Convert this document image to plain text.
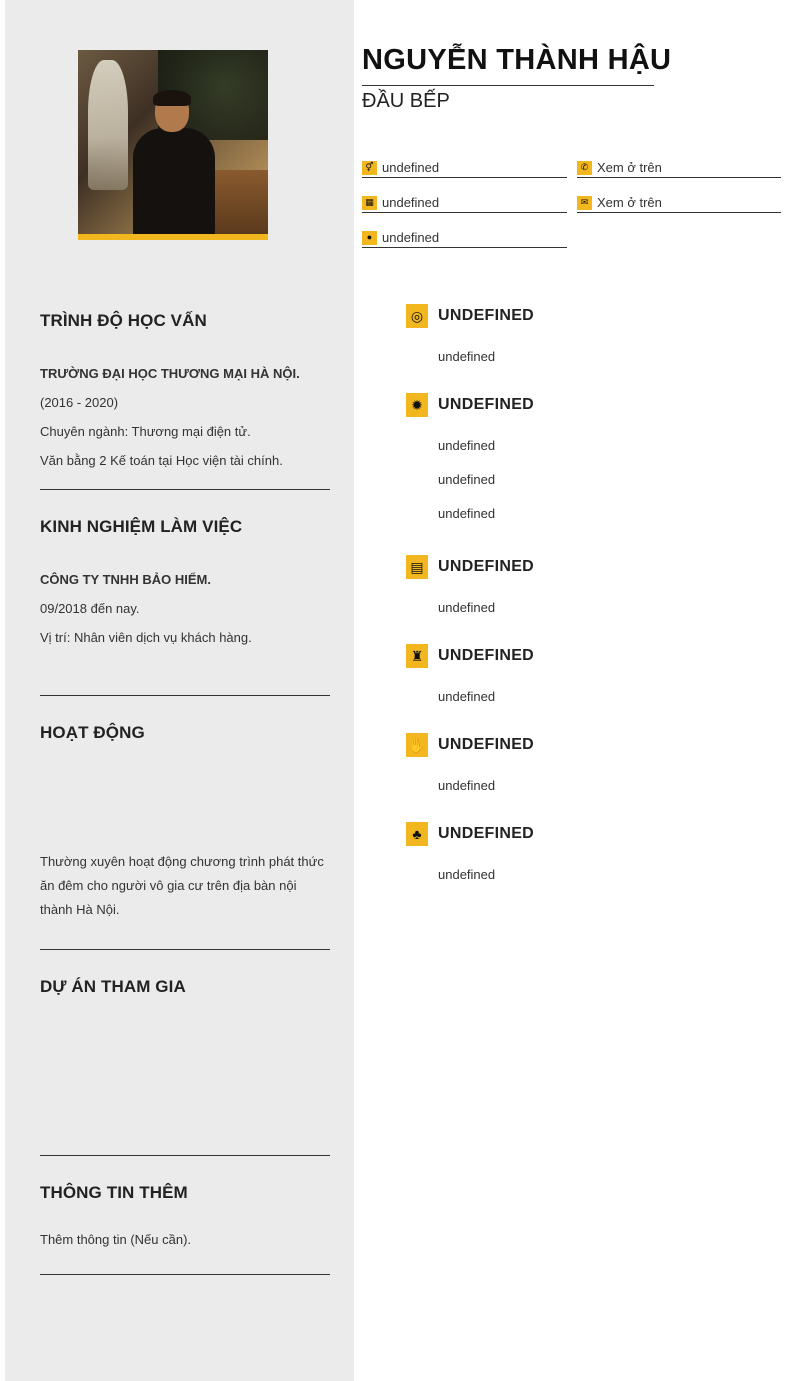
NGUYỄN THÀNH HẬU
ĐẦU BẾP
⚥ undefined
▦ undefined
● undefined
✆ Xem ở trên
✉ Xem ở trên
TRÌNH ĐỘ HỌC VẤN
TRƯỜNG ĐẠI HỌC THƯƠNG MẠI HÀ NỘI.
(2016 - 2020)
Chuyên ngành: Thương mại điện tử.
Văn bằng 2 Kế toán tại Học viện tài chính.
KINH NGHIỆM LÀM VIỆC
CÔNG TY TNHH BẢO HIỂM.
09/2018 đến nay.
Vị trí: Nhân viên dịch vụ khách hàng.
HOẠT ĐỘNG
Thường xuyên hoạt động chương trình phát thức ăn đêm cho người vô gia cư trên địa bàn nội thành Hà Nội.
DỰ ÁN THAM GIA
THÔNG TIN THÊM
Thêm thông tin (Nếu cần).
◎ UNDEFINED
undefined
✹ UNDEFINED
undefined
undefined
undefined
▤ UNDEFINED
undefined
♜ UNDEFINED
undefined
✋ UNDEFINED
undefined
♣	UNDEFINED
undefined
